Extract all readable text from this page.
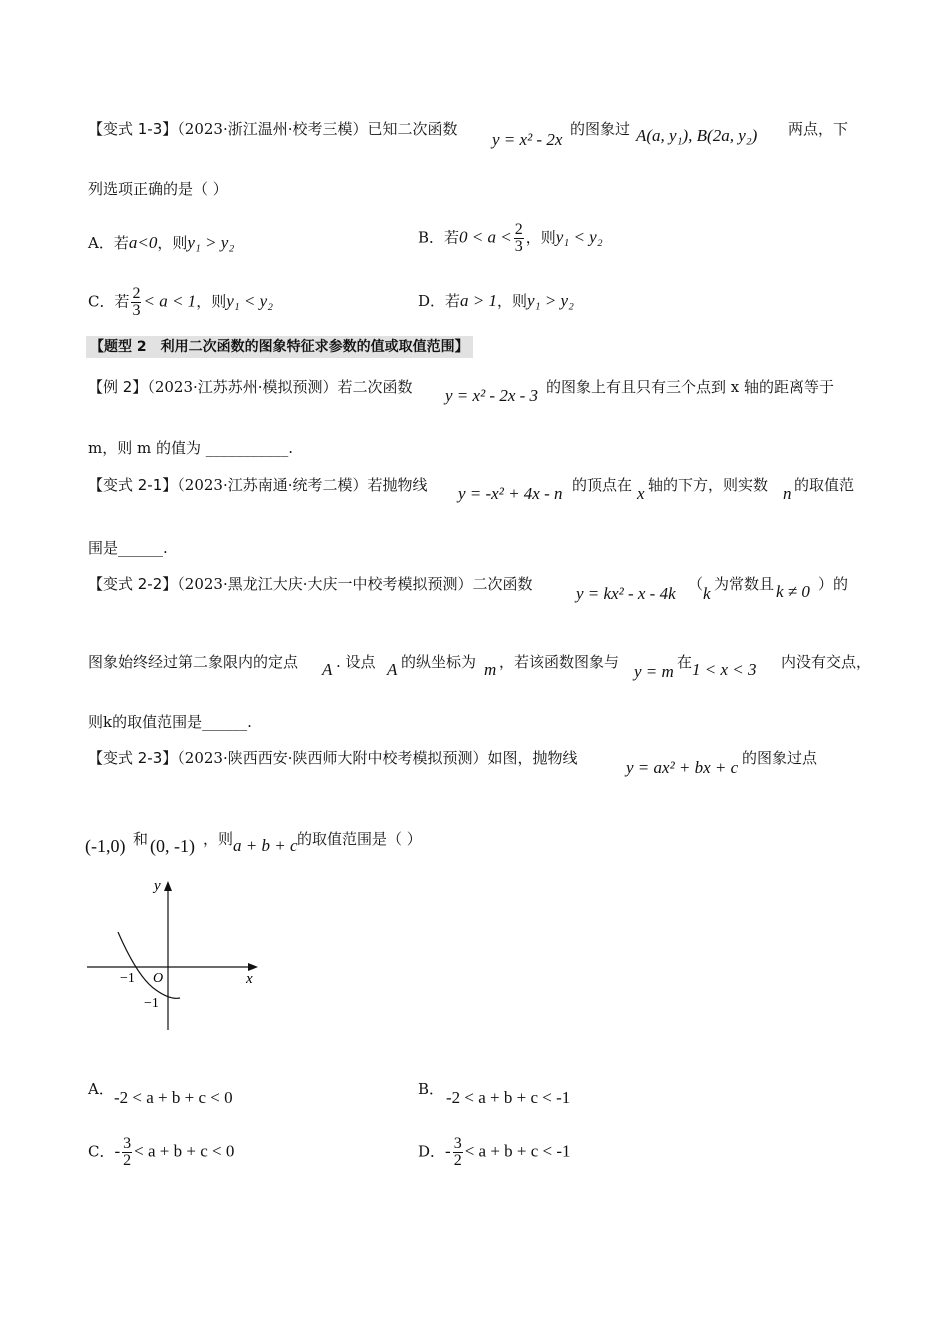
【变式 1-3】（2023·浙江温州·校考三模）已知二次函数
y = x² - 2x
的图象过 A(a, y₁), B(2a, y₂) 两点，下
列选项正确的是（ ）
A．若a<0，则y₁ > y₂	B．若$0 < a < \frac{2}{3}$ ，则y₁ < y₂
C．若 $\frac{2}{3} < a < 1$，则y₁ < y₂	D．若a > 1，则y₁ > y₂
【题型 2　利用二次函数的图象特征求参数的值或取值范围】
【例 2】（2023·江苏苏州·模拟预测）若二次函数 y = x² - 2x - 3 的图象上有且只有三个点到 x 轴的距离等于
m，则 m 的值为 ___________.
【变式 2-1】（2023·江苏南通·统考二模）若抛物线 y = -x² + 4x - n 的顶点在 x 轴的下方，则实数 n 的取值范
围是______.
【变式 2-2】（2023·黑龙江大庆·大庆一中校考模拟预测）二次函数	y = kx² - x - 4k （ k 为常数且 k ≠ 0 ）的
图象始终经过第二象限内的定点 A . 设点 A 的纵坐标为 m ，若该函数图象与 y = m 在 1 < x < 3 内没有交点，
则k的取值范围是______.
【变式 2-3】（2023·陕西西安·陕西师大附中校考模拟预测）如图，抛物线	y = ax² + bx + c 的图象过点
(-1,0) 和 (0, -1) ，则 a + b + c 的取值范围是（ ）
y
x
O
−1
−1
A． -2 < a + b + c < 0	B． -2 < a + b + c < -1
C．- $\frac{3}{2} < a + b + c < 0$	D．- $\frac{3}{2} < a + b + c < -1$
